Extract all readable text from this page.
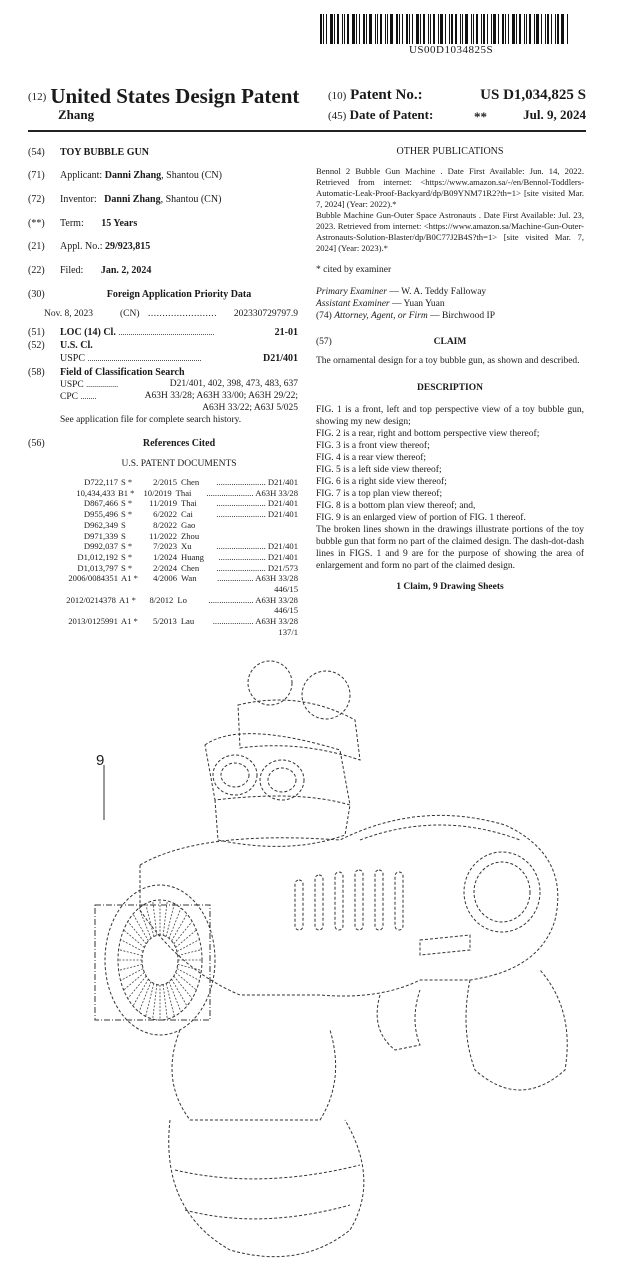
US00D1034825S
(12) United States Design Patent
Zhang
(10) Patent No.:	US D1,034,825 S
(45) Date of Patent:	**	Jul. 9, 2024
(54) TOY BUBBLE GUN
(71) Applicant: Danni Zhang, Shantou (CN)
(72) Inventor: Danni Zhang, Shantou (CN)
(**) Term: 15 Years
(21) Appl. No.: 29/923,815
(22) Filed: Jan. 2, 2024
(30)	Foreign Application Priority Data
Nov. 8, 2023	(CN) ........................ 202330729797.9
(51) LOC (14) Cl. ................................................	21-01
(52) U.S. Cl.
USPC .........................................................	D21/401
(58) Field of Classification Search
USPC ................	D21/401, 402, 398, 473, 483, 637
CPC ........	A63H 33/28; A63H 33/00; A63H 29/22;
A63H 33/22; A63J 5/025
See application file for complete search history.
(56)	References Cited
U.S. PATENT DOCUMENTS
D722,117 S *	2/2015 Chen	....................... D21/401
10,434,433 B1 *	10/2019 Thai	...................... A63H 33/28
D867,466 S *	11/2019 Thai	....................... D21/401
D955,496 S *	6/2022 Cai	....................... D21/401
D962,349 S	8/2022 Gao
D971,339 S	11/2022 Zhou
D992,037 S *	7/2023 Xu	....................... D21/401
D1,012,192 S *	1/2024 Huang	...................... D21/401
D1,013,797 S *	2/2024 Chen	....................... D21/573
2006/0084351 A1 *	4/2006 Wan	................. A63H 33/28
446/15
2012/0214378 A1 *	8/2012 Lo	..................... A63H 33/28
446/15
2013/0125991 A1 *	5/2013 Lau	................... A63H 33/28
137/1
OTHER PUBLICATIONS
Bennol 2 Bubble Gun Machine . Date First Available: Jun. 14, 2022. Retrieved from internet: <https://www.amazon.sa/-/en/Bennol-Toddlers-Automatic-Leak-Proof-Backyard/dp/B09YNM71R2?th=1> [site visited Mar. 7, 2024] (Year: 2022).*
Bubble Machine Gun-Outer Space Astronauts . Date First Available: Jul. 23, 2023. Retrieved from internet: <https://www.amazon.sa/Machine-Gun-Outer-Astronauts-Solution-Blaster/dp/B0C77J2B4S?th=1> [site visited Mar. 7, 2024] (Year: 2023).*
* cited by examiner
Primary Examiner — W. A. Teddy Falloway
Assistant Examiner — Yuan Yuan
(74) Attorney, Agent, or Firm — Birchwood IP
(57)	CLAIM
The ornamental design for a toy bubble gun, as shown and described.
DESCRIPTION
FIG. 1 is a front, left and top perspective view of a toy bubble gun, showing my new design;
FIG. 2 is a rear, right and bottom perspective view thereof;
FIG. 3 is a front view thereof;
FIG. 4 is a rear view thereof;
FIG. 5 is a left side view thereof;
FIG. 6 is a right side view thereof;
FIG. 7 is a top plan view thereof;
FIG. 8 is a bottom plan view thereof; and,
FIG. 9 is an enlarged view of portion of FIG. 1 thereof.
The broken lines shown in the drawings illustrate portions of the toy bubble gun that form no part of the claimed design. The dash-dot-dash lines in FIGS. 1 and 9 are for the purpose of showing the area of enlargement and form no part of the claimed design.
1 Claim, 9 Drawing Sheets
9
